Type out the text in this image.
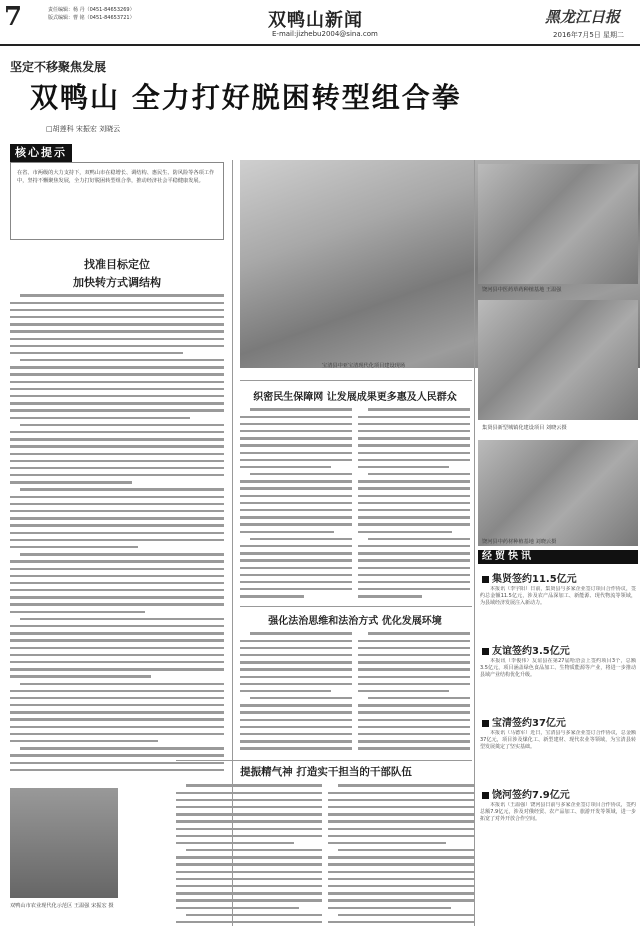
7	责任编辑：杨 丹（0451-84653269）
版式编辑：曹 铭（0451-84653721）	双鸭山新闻
E-mail:jizhebu2004@sina.com
黑龙江日报
2016年7月5日 星期二
坚定不移聚焦发展
双鸭山 全力打好脱困转型组合拳
□胡莲科 宋振宏 刘晓云
核心提示
在省、市两级的大力支持下，双鸭山市在稳增长、调结构、惠民生、防风险等各项工作中，坚持不懈聚焦发展，全力打好脱困转型组合拳，推动经济社会平稳健康发展。
找准目标定位
加快转方式调结构
宝清县中亚宝清现代化项目建设现场
饶河县中医药草药种植基地 王温强
集贤县新型城镇化建设项目 刘晓云摄
饶河县中药材种植基地 刘晓云摄
织密民生保障网 让发展成果更多惠及人民群众
强化法治思维和法治方式 优化发展环境
提振精气神 打造实干担当的干部队伍
双鸭山市农业现代化示范区 王温强 宋振宏 摄
经贸快讯
集贤签约11.5亿元
本报讯（李宇阳）日前，集贤县与多家企业签订项目合作协议，签约总金额11.5亿元，涉及农产品深加工、新能源、现代物流等领域，为县域经济发展注入新动力。
友谊签约3.5亿元
本报讯（李俊伟）友谊县在第27届哈洽会上签约项目3个，总额3.5亿元，项目涵盖绿色食品加工、生物质能源等产业，将进一步推动县域产业结构优化升级。
宝清签约37亿元
本报讯（马德军）近日，宝清县与多家企业签订合作协议，总金额37亿元，项目涉及煤化工、新型建材、现代农业等领域，为宝清县转型发展奠定了坚实基础。
饶河签约7.9亿元
本报讯（王温强）饶河县日前与多家企业签订项目合作协议，签约总额7.9亿元，涉及对俄经贸、农产品加工、旅游开发等领域，进一步拓宽了对外开放合作空间。
